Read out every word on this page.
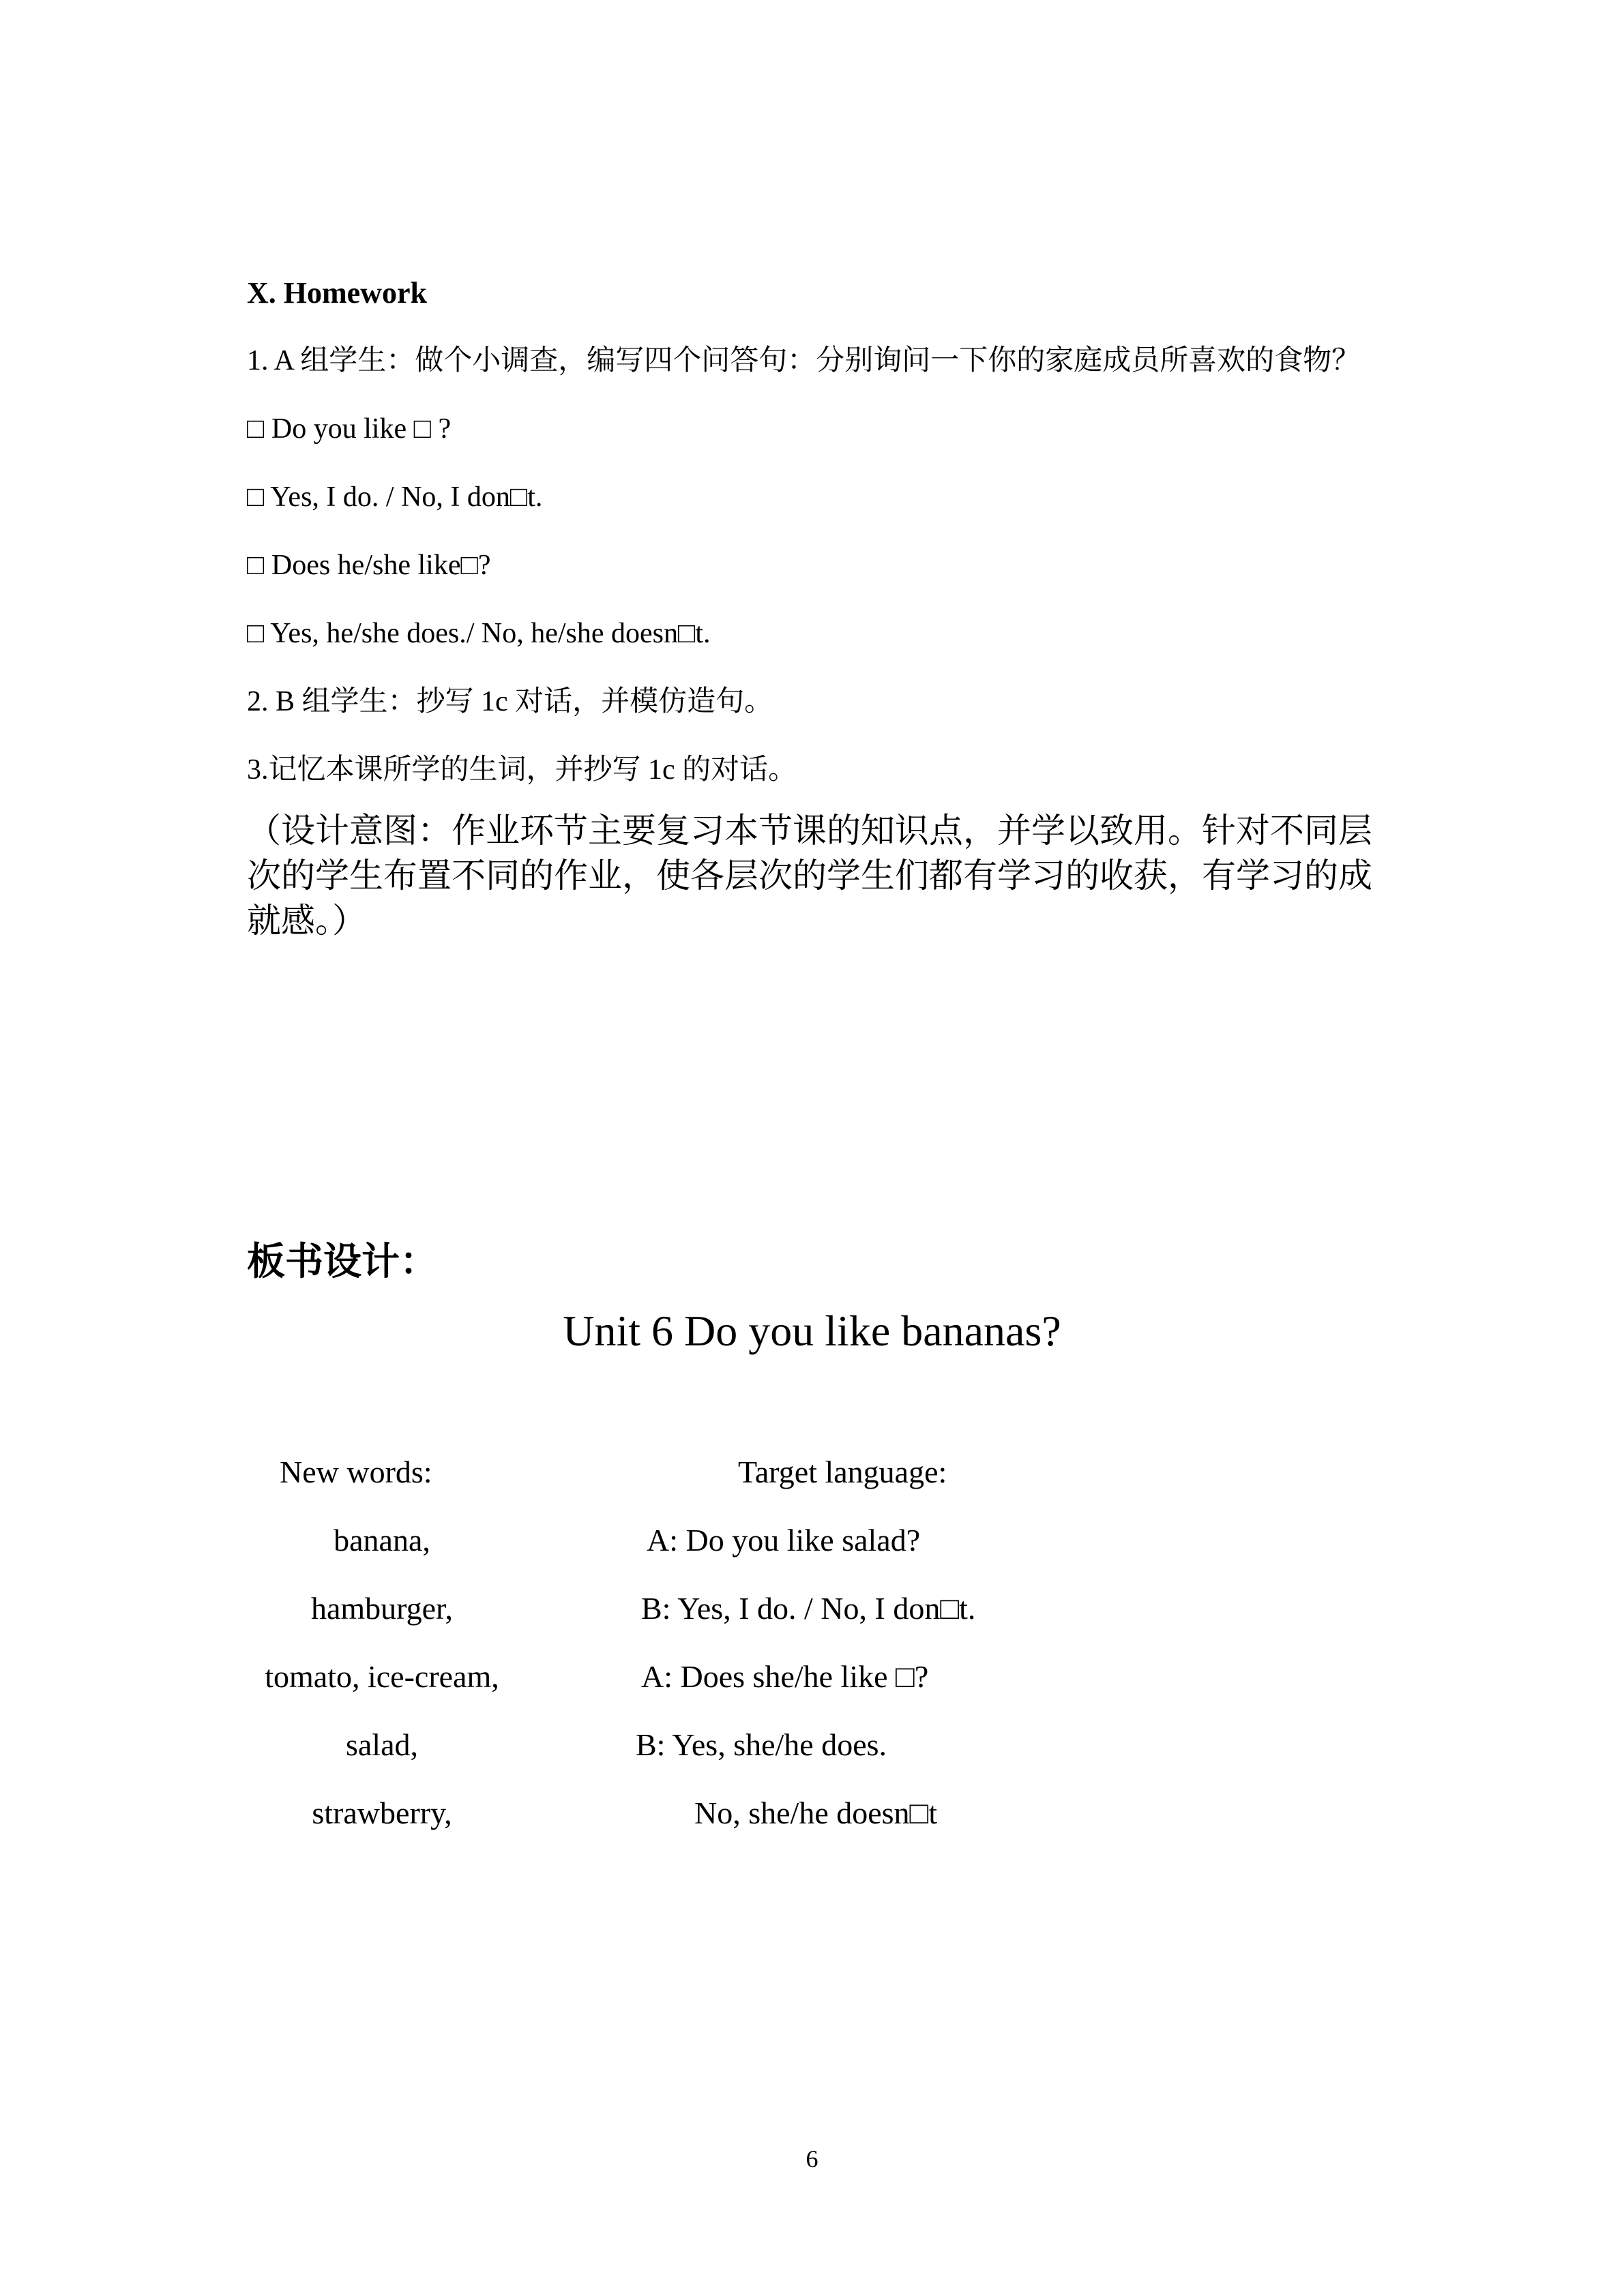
X. Homework
1. A 组学生：做个小调查，编写四个问答句：分别询问一下你的家庭成员所喜欢的食物？
□ Do you like □ ?
□ Yes, I do. / No, I don□t.
□ Does he/she like□?
□ Yes, he/she does./ No, he/she doesn□t.
2. B 组学生：抄写 1c 对话，并模仿造句。
3.记忆本课所学的生词，并抄写 1c 的对话。
（设计意图：作业环节主要复习本节课的知识点，并学以致用。针对不同层次的学生布置不同的作业，使各层次的学生们都有学习的收获，有学习的成就感。）
板书设计：
Unit 6 Do you like bananas?
New words:	Target language:
banana,
hamburger,
tomato, ice-cream,
salad,
strawberry,
A: Do you like salad?
B: Yes, I do. / No, I don□t.
A: Does she/he like □?
B: Yes, she/he does.
No, she/he doesn□t
6
